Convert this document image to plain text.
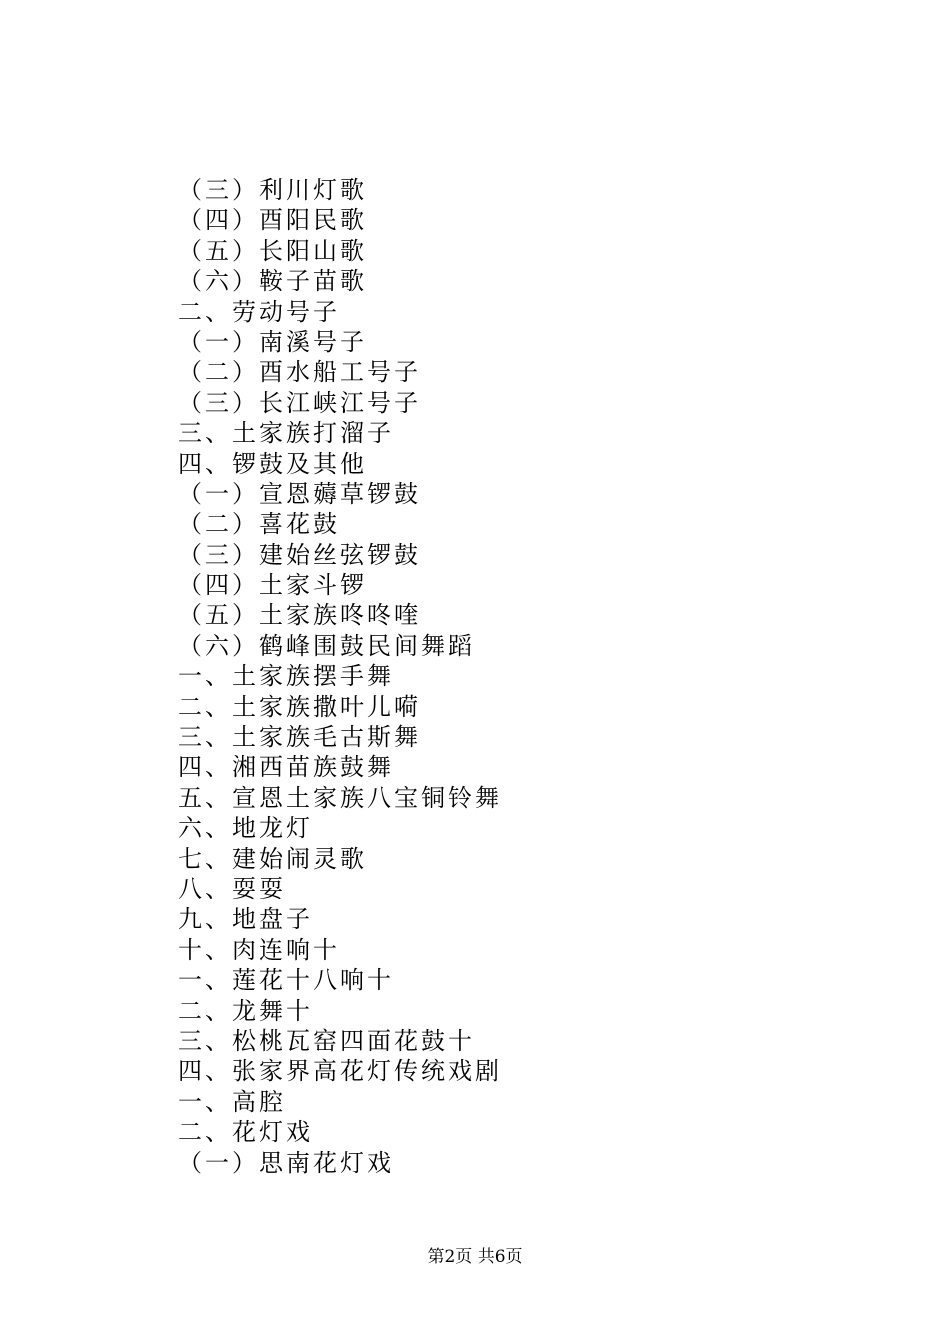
（三）利川灯歌
（四）酉阳民歌
（五）长阳山歌
（六）鞍子苗歌
二、劳动号子
（一）南溪号子
（二）酉水船工号子
（三）长江峡江号子
三、土家族打溜子
四、锣鼓及其他
（一）宣恩薅草锣鼓
（二）喜花鼓
（三）建始丝弦锣鼓
（四）土家斗锣
（五）土家族咚咚喹
（六）鹤峰围鼓民间舞蹈
一、土家族摆手舞
二、土家族撒叶儿嗬
三、土家族毛古斯舞
四、湘西苗族鼓舞
五、宣恩土家族八宝铜铃舞
六、地龙灯
七、建始闹灵歌
八、耍耍
九、地盘子
十、肉连响十
一、莲花十八响十
二、龙舞十
三、松桃瓦窑四面花鼓十
四、张家界高花灯传统戏剧
一、高腔
二、花灯戏
（一）思南花灯戏
第2页 共6页
